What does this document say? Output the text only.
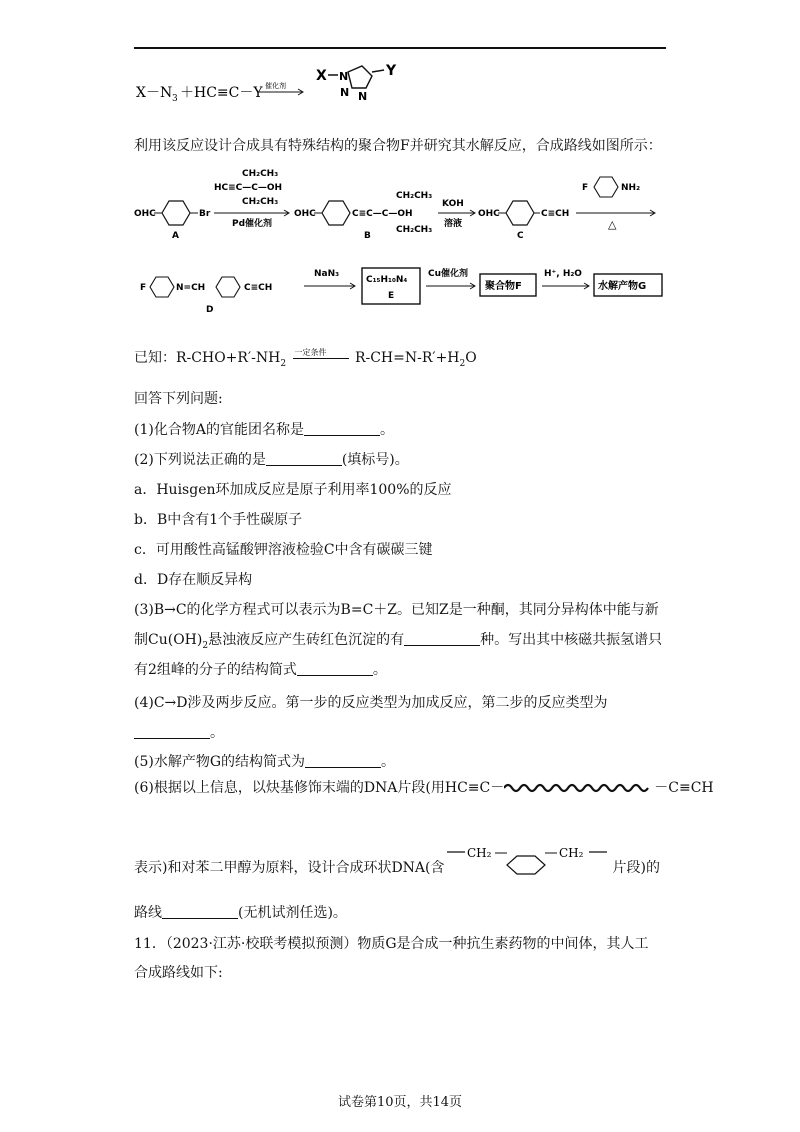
X－N 3 ＋HC≡C－Y 催化剂
X N
N N
Y
利用该反应设计合成具有特殊结构的聚合物F并研究其水解反应，合成路线如图所示：
OHC	Br
A
CH₂CH₃
HC≡C—C—OH
CH₂CH₃
Pd催化剂
OHC	C≡C—C—OH
CH₂CH₃
CH₂CH₃
B
KOH
溶液
OHC	C≡CH
C
F	NH₂
△
F	N=CH	C≡CH
D
NaN₃
C₁₅H₁₀N₄
E
Cu催化剂
聚合物F
H⁺, H₂O
水解产物G
已知：$R-CHO+R'-NH_2$
一定条件 $R-CH=N-R'+H_2O$
回答下列问题:
(1)化合物A的官能团名称是	。
(2)下列说法正确的是	(填标号)。
a．Huisgen环加成反应是原子利用率100%的反应
b．B中含有1个手性碳原子
c．可用酸性高锰酸钾溶液检验C中含有碳碳三键
d．D存在顺反异构
(3)B→C的化学方程式可以表示为B=C＋Z。已知Z是一种酮，其同分异构体中能与新
制$Cu(OH)_2$悬浊液反应产生砖红色沉淀的有	种。写出其中核磁共振氢谱只
有2组峰的分子的结构简式	。
(4)C→D涉及两步反应。第一步的反应类型为加成反应，第二步的反应类型为
。
(5)水解产物G的结构简式为	。
(6)根据以上信息，以炔基修饰末端的DNA片段(用HC≡C－	－C≡CH
表示)和对苯二甲醇为原料，设计合成环状DNA(含
CH₂	CH₂
片段)的
路线	(无机试剂任选)。
11．（2023·江苏·校联考模拟预测）物质G是合成一种抗生素药物的中间体，其人工
合成路线如下:
试卷第10页，共14页
